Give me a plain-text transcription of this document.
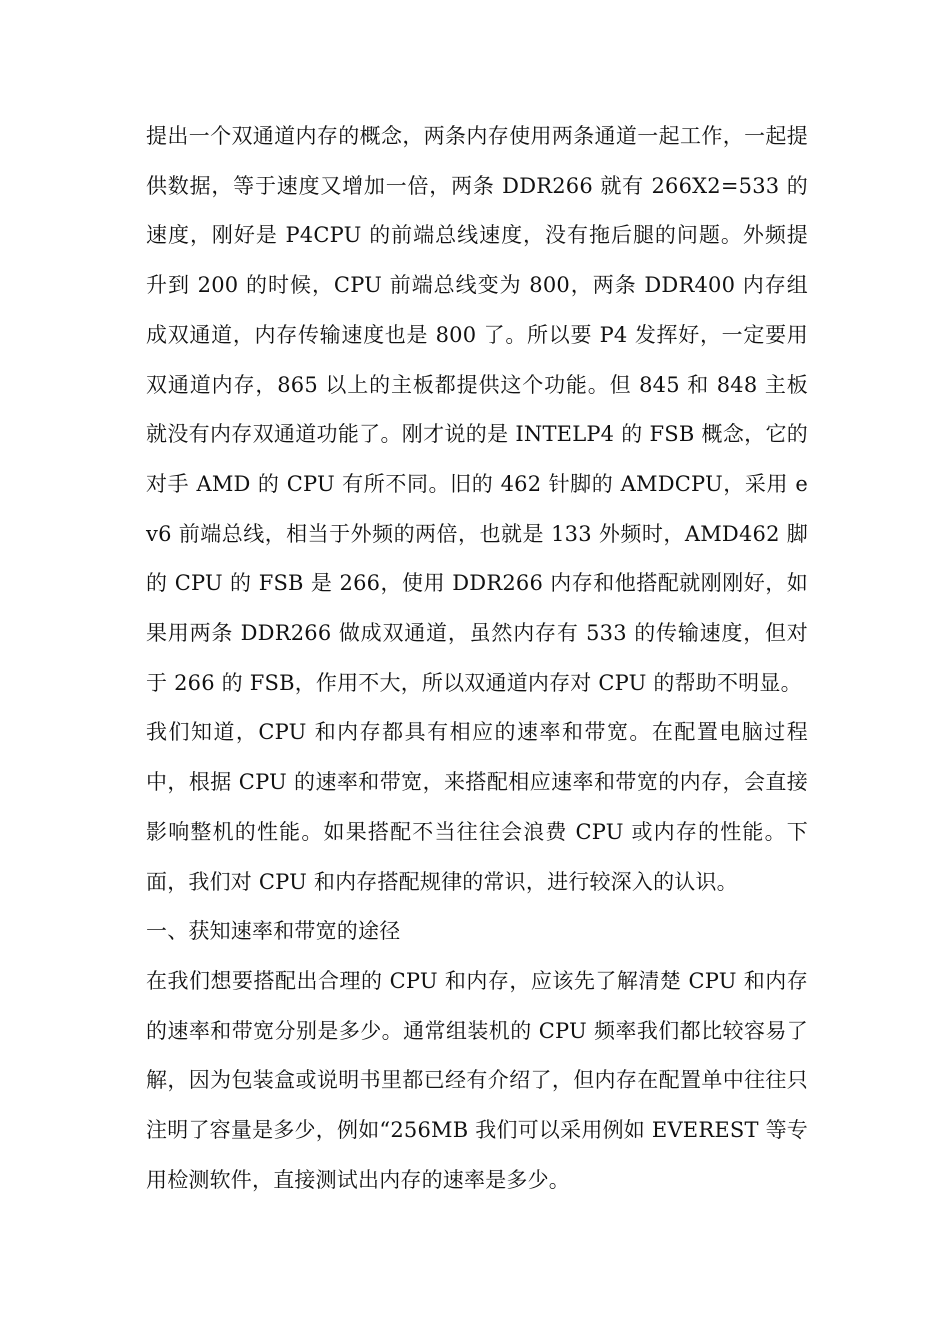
提出一个双通道内存的概念，两条内存使用两条通道一起工作，一起提供数据，等于速度又增加一倍，两条 DDR266 就有 266X2=533 的速度，刚好是 P4CPU 的前端总线速度，没有拖后腿的问题。外频提升到 200 的时候，CPU 前端总线变为 800，两条 DDR400 内存组成双通道，内存传输速度也是 800 了。所以要 P4 发挥好，一定要用双通道内存，865 以上的主板都提供这个功能。但 845 和 848 主板就没有内存双通道功能了。刚才说的是 INTELP4 的 FSB 概念，它的对手 AMD 的 CPU 有所不同。旧的 462 针脚的 AMDCPU，采用 ev6 前端总线，相当于外频的两倍，也就是 133 外频时，AMD462 脚的 CPU 的 FSB 是 266，使用 DDR266 内存和他搭配就刚刚好，如果用两条 DDR266 做成双通道，虽然内存有 533 的传输速度，但对于 266 的 FSB，作用不大，所以双通道内存对 CPU 的帮助不明显。

我们知道，CPU 和内存都具有相应的速率和带宽。在配置电脑过程中，根据 CPU 的速率和带宽，来搭配相应速率和带宽的内存，会直接影响整机的性能。如果搭配不当往往会浪费 CPU 或内存的性能。下面，我们对 CPU 和内存搭配规律的常识，进行较深入的认识。

一、获知速率和带宽的途径

在我们想要搭配出合理的 CPU 和内存，应该先了解清楚 CPU 和内存的速率和带宽分别是多少。通常组装机的 CPU 频率我们都比较容易了解，因为包装盒或说明书里都已经有介绍了，但内存在配置单中往往只注明了容量是多少，例如“256MB 我们可以采用例如 EVEREST 等专用检测软件，直接测试出内存的速率是多少。
